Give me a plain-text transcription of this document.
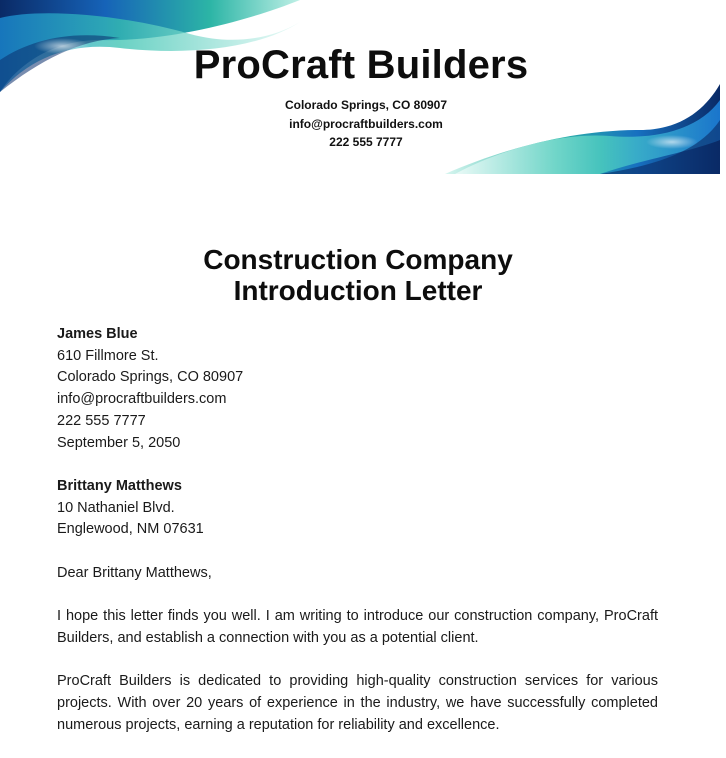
ProCraft Builders
Colorado Springs, CO 80907
info@procraftbuilders.com
222 555 7777
Construction Company
Introduction Letter
James Blue
610 Fillmore St.
Colorado Springs, CO 80907
info@procraftbuilders.com
222 555 7777
September 5, 2050
Brittany Matthews
10 Nathaniel Blvd.
Englewood, NM 07631
Dear Brittany Matthews,
I hope this letter finds you well. I am writing to introduce our construction company, ProCraft Builders, and establish a connection with you as a potential client.
ProCraft Builders is dedicated to providing high-quality construction services for various projects. With over 20 years of experience in the industry, we have successfully completed numerous projects, earning a reputation for reliability and excellence.
